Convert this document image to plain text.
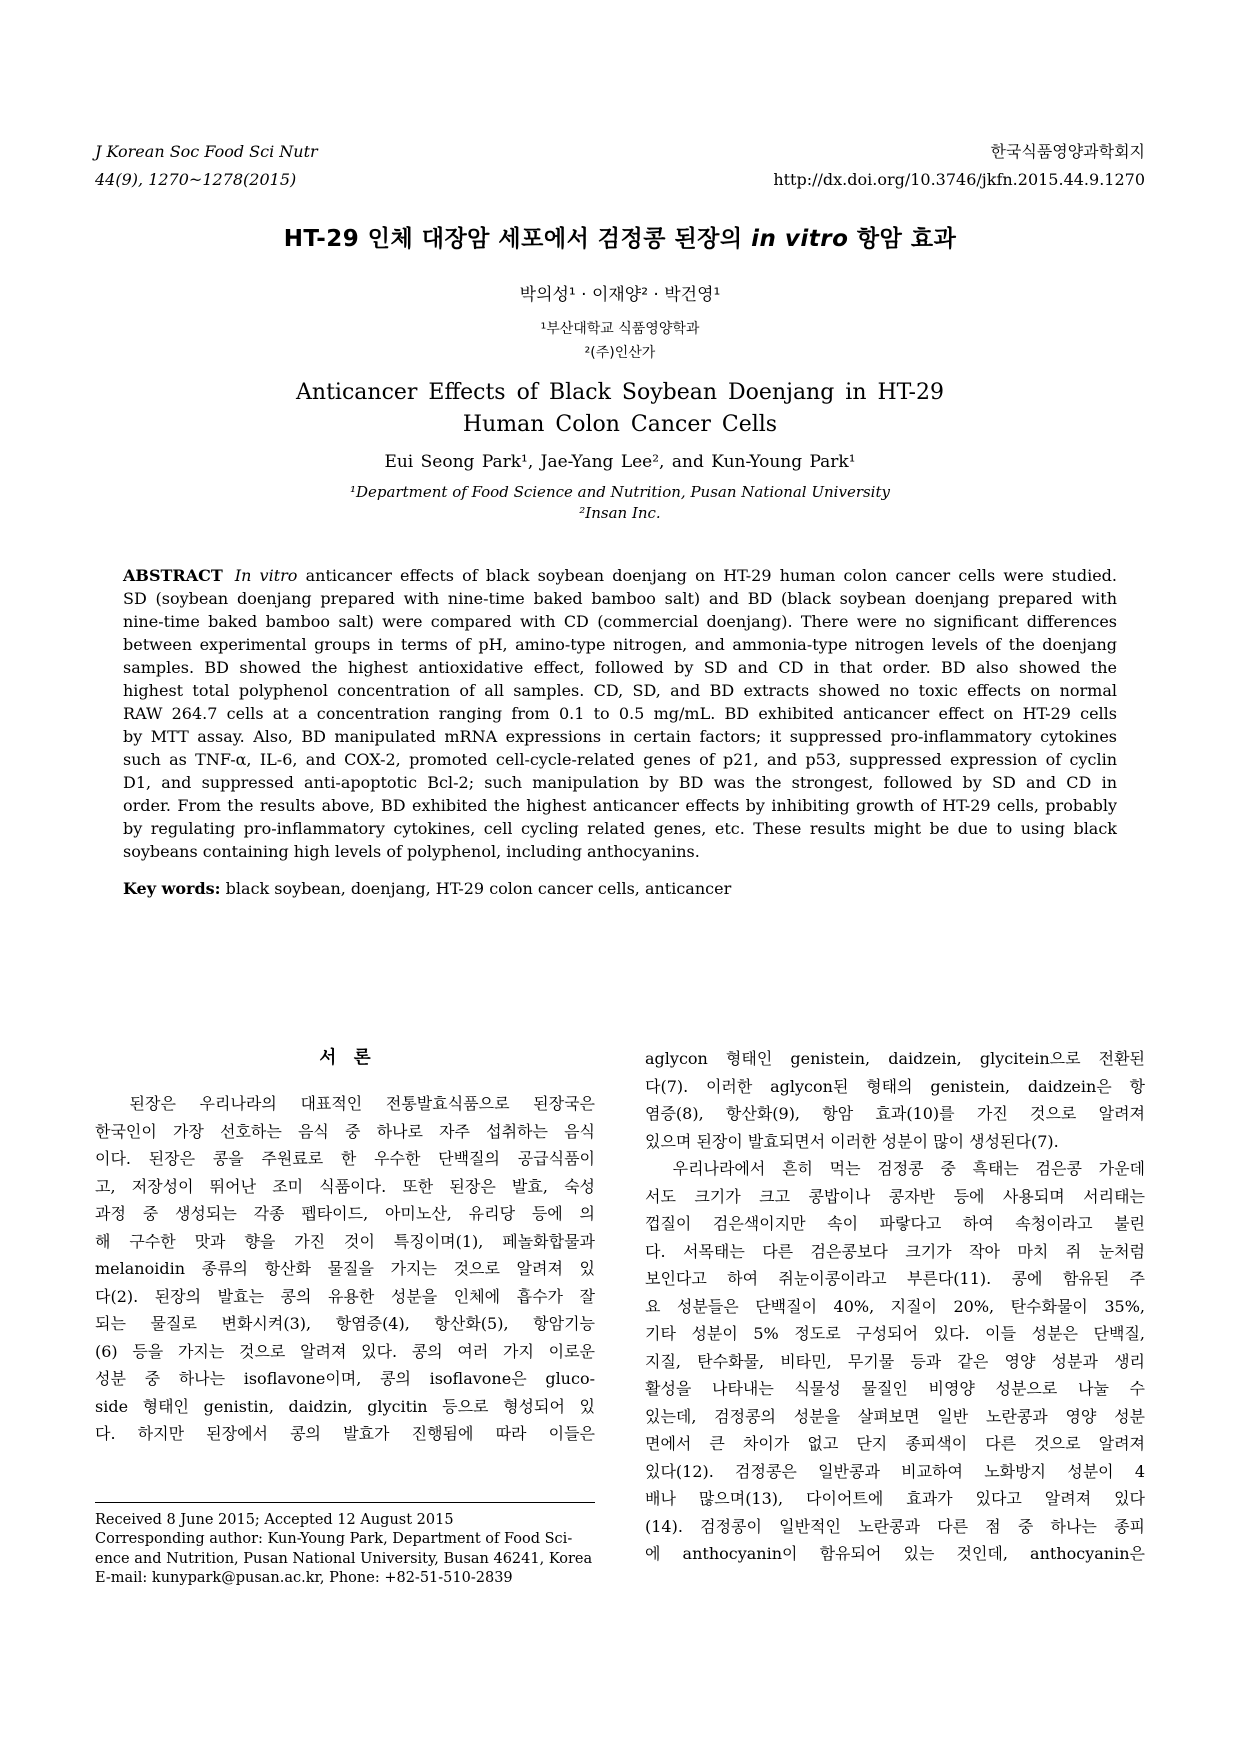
J Korean Soc Food Sci Nutr
44(9), 1270~1278(2015)
한국식품영양과학회지
http://dx.doi.org/10.3746/jkfn.2015.44.9.1270
HT-29 인체 대장암 세포에서 검정콩 된장의 in vitro 항암 효과
박의성¹ · 이재양² · 박건영¹
¹부산대학교 식품영양학과
²(주)인산가
Anticancer Effects of Black Soybean Doenjang in HT-29
Human Colon Cancer Cells
Eui Seong Park¹, Jae-Yang Lee², and Kun-Young Park¹
¹Department of Food Science and Nutrition, Pusan National University
²Insan Inc.
ABSTRACT In vitro anticancer effects of black soybean doenjang on HT-29 human colon cancer cells were studied.
SD (soybean doenjang prepared with nine-time baked bamboo salt) and BD (black soybean doenjang prepared with
nine-time baked bamboo salt) were compared with CD (commercial doenjang). There were no significant differences
between experimental groups in terms of pH, amino-type nitrogen, and ammonia-type nitrogen levels of the doenjang
samples. BD showed the highest antioxidative effect, followed by SD and CD in that order. BD also showed the
highest total polyphenol concentration of all samples. CD, SD, and BD extracts showed no toxic effects on normal
RAW 264.7 cells at a concentration ranging from 0.1 to 0.5 mg/mL. BD exhibited anticancer effect on HT-29 cells
by MTT assay. Also, BD manipulated mRNA expressions in certain factors; it suppressed pro-inflammatory cytokines
such as TNF-α, IL-6, and COX-2, promoted cell-cycle-related genes of p21, and p53, suppressed expression of cyclin
D1, and suppressed anti-apoptotic Bcl-2; such manipulation by BD was the strongest, followed by SD and CD in
order. From the results above, BD exhibited the highest anticancer effects by inhibiting growth of HT-29 cells, probably
by regulating pro-inflammatory cytokines, cell cycling related genes, etc. These results might be due to using black
soybeans containing high levels of polyphenol, including anthocyanins.
Key words: black soybean, doenjang, HT-29 colon cancer cells, anticancer
서　론
　된장은 우리나라의 대표적인 전통발효식품으로 된장국은
한국인이 가장 선호하는 음식 중 하나로 자주 섭취하는 음식
이다. 된장은 콩을 주원료로 한 우수한 단백질의 공급식품이
고, 저장성이 뛰어난 조미 식품이다. 또한 된장은 발효, 숙성
과정 중 생성되는 각종 펩타이드, 아미노산, 유리당 등에 의
해 구수한 맛과 향을 가진 것이 특징이며(1), 페놀화합물과
melanoidin 종류의 항산화 물질을 가지는 것으로 알려져 있
다(2). 된장의 발효는 콩의 유용한 성분을 인체에 흡수가 잘
되는 물질로 변화시켜(3), 항염증(4), 항산화(5), 항암기능
(6) 등을 가지는 것으로 알려져 있다. 콩의 여러 가지 이로운
성분 중 하나는 isoflavone이며, 콩의 isoflavone은 gluco-
side 형태인 genistin, daidzin, glycitin 등으로 형성되어 있
다. 하지만 된장에서 콩의 발효가 진행됨에 따라 이들은
Received 8 June 2015; Accepted 12 August 2015
Corresponding author: Kun-Young Park, Department of Food Sci-
ence and Nutrition, Pusan National University, Busan 46241, Korea
E-mail: kunypark@pusan.ac.kr, Phone: +82-51-510-2839
aglycon 형태인 genistein, daidzein, glycitein으로 전환된
다(7). 이러한 aglycon된 형태의 genistein, daidzein은 항
염증(8), 항산화(9), 항암 효과(10)를 가진 것으로 알려져
있으며 된장이 발효되면서 이러한 성분이 많이 생성된다(7).
　우리나라에서 흔히 먹는 검정콩 중 흑태는 검은콩 가운데
서도 크기가 크고 콩밥이나 콩자반 등에 사용되며 서리태는
껍질이 검은색이지만 속이 파랗다고 하여 속청이라고 불린
다. 서목태는 다른 검은콩보다 크기가 작아 마치 쥐 눈처럼
보인다고 하여 쥐눈이콩이라고 부른다(11). 콩에 함유된 주
요 성분들은 단백질이 40%, 지질이 20%, 탄수화물이 35%,
기타 성분이 5% 정도로 구성되어 있다. 이들 성분은 단백질,
지질, 탄수화물, 비타민, 무기물 등과 같은 영양 성분과 생리
활성을 나타내는 식물성 물질인 비영양 성분으로 나눌 수
있는데, 검정콩의 성분을 살펴보면 일반 노란콩과 영양 성분
면에서 큰 차이가 없고 단지 종피색이 다른 것으로 알려져
있다(12). 검정콩은 일반콩과 비교하여 노화방지 성분이 4
배나 많으며(13), 다이어트에 효과가 있다고 알려져 있다
(14). 검정콩이 일반적인 노란콩과 다른 점 중 하나는 종피
에 anthocyanin이 함유되어 있는 것인데, anthocyanin은
